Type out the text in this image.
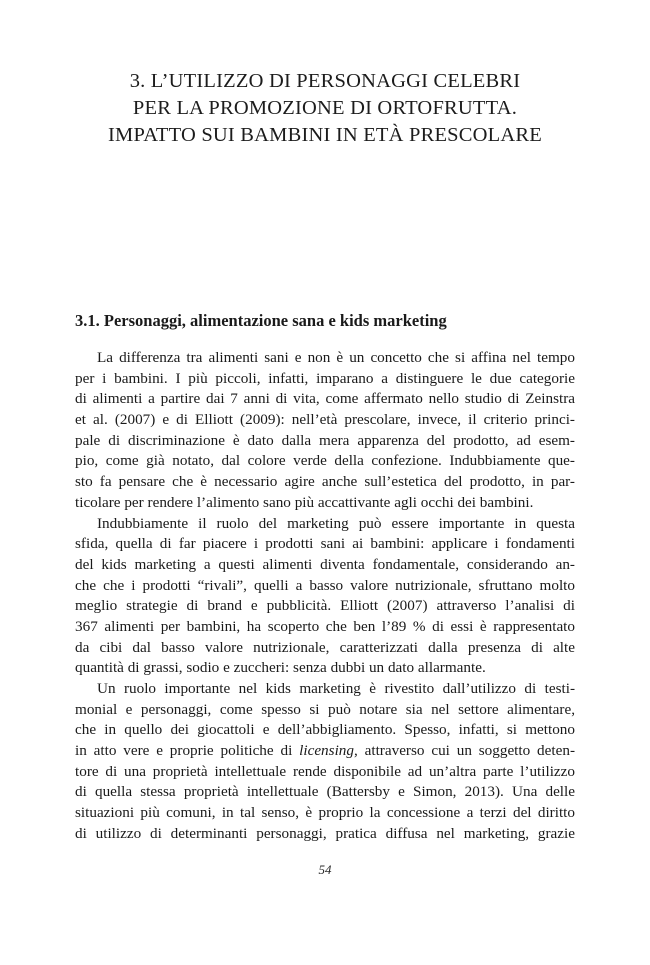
3. L’UTILIZZO DI PERSONAGGI CELEBRI
PER LA PROMOZIONE DI ORTOFRUTTA.
IMPATTO SUI BAMBINI IN ETÀ PRESCOLARE
3.1. Personaggi, alimentazione sana e kids marketing
La differenza tra alimenti sani e non è un concetto che si affina nel tempo
per i bambini. I più piccoli, infatti, imparano a distinguere le due categorie
di alimenti a partire dai 7 anni di vita, come affermato nello studio di Zeinstra
et al. (2007) e di Elliott (2009): nell’età prescolare, invece, il criterio princi-
pale di discriminazione è dato dalla mera apparenza del prodotto, ad esem-
pio, come già notato, dal colore verde della confezione. Indubbiamente que-
sto fa pensare che è necessario agire anche sull’estetica del prodotto, in par-
ticolare per rendere l’alimento sano più accattivante agli occhi dei bambini.
Indubbiamente il ruolo del marketing può essere importante in questa
sfida, quella di far piacere i prodotti sani ai bambini: applicare i fondamenti
del kids marketing a questi alimenti diventa fondamentale, considerando an-
che che i prodotti “rivali”, quelli a basso valore nutrizionale, sfruttano molto
meglio strategie di brand e pubblicità. Elliott (2007) attraverso l’analisi di
367 alimenti per bambini, ha scoperto che ben l’89 % di essi è rappresentato
da cibi dal basso valore nutrizionale, caratterizzati dalla presenza di alte
quantità di grassi, sodio e zuccheri: senza dubbi un dato allarmante.
Un ruolo importante nel kids marketing è rivestito dall’utilizzo di testi-
monial e personaggi, come spesso si può notare sia nel settore alimentare,
che in quello dei giocattoli e dell’abbigliamento. Spesso, infatti, si mettono
in atto vere e proprie politiche di licensing, attraverso cui un soggetto deten-
tore di una proprietà intellettuale rende disponibile ad un’altra parte l’utilizzo
di quella stessa proprietà intellettuale (Battersby e Simon, 2013). Una delle
situazioni più comuni, in tal senso, è proprio la concessione a terzi del diritto
di utilizzo di determinanti personaggi, pratica diffusa nel marketing, grazie
54
